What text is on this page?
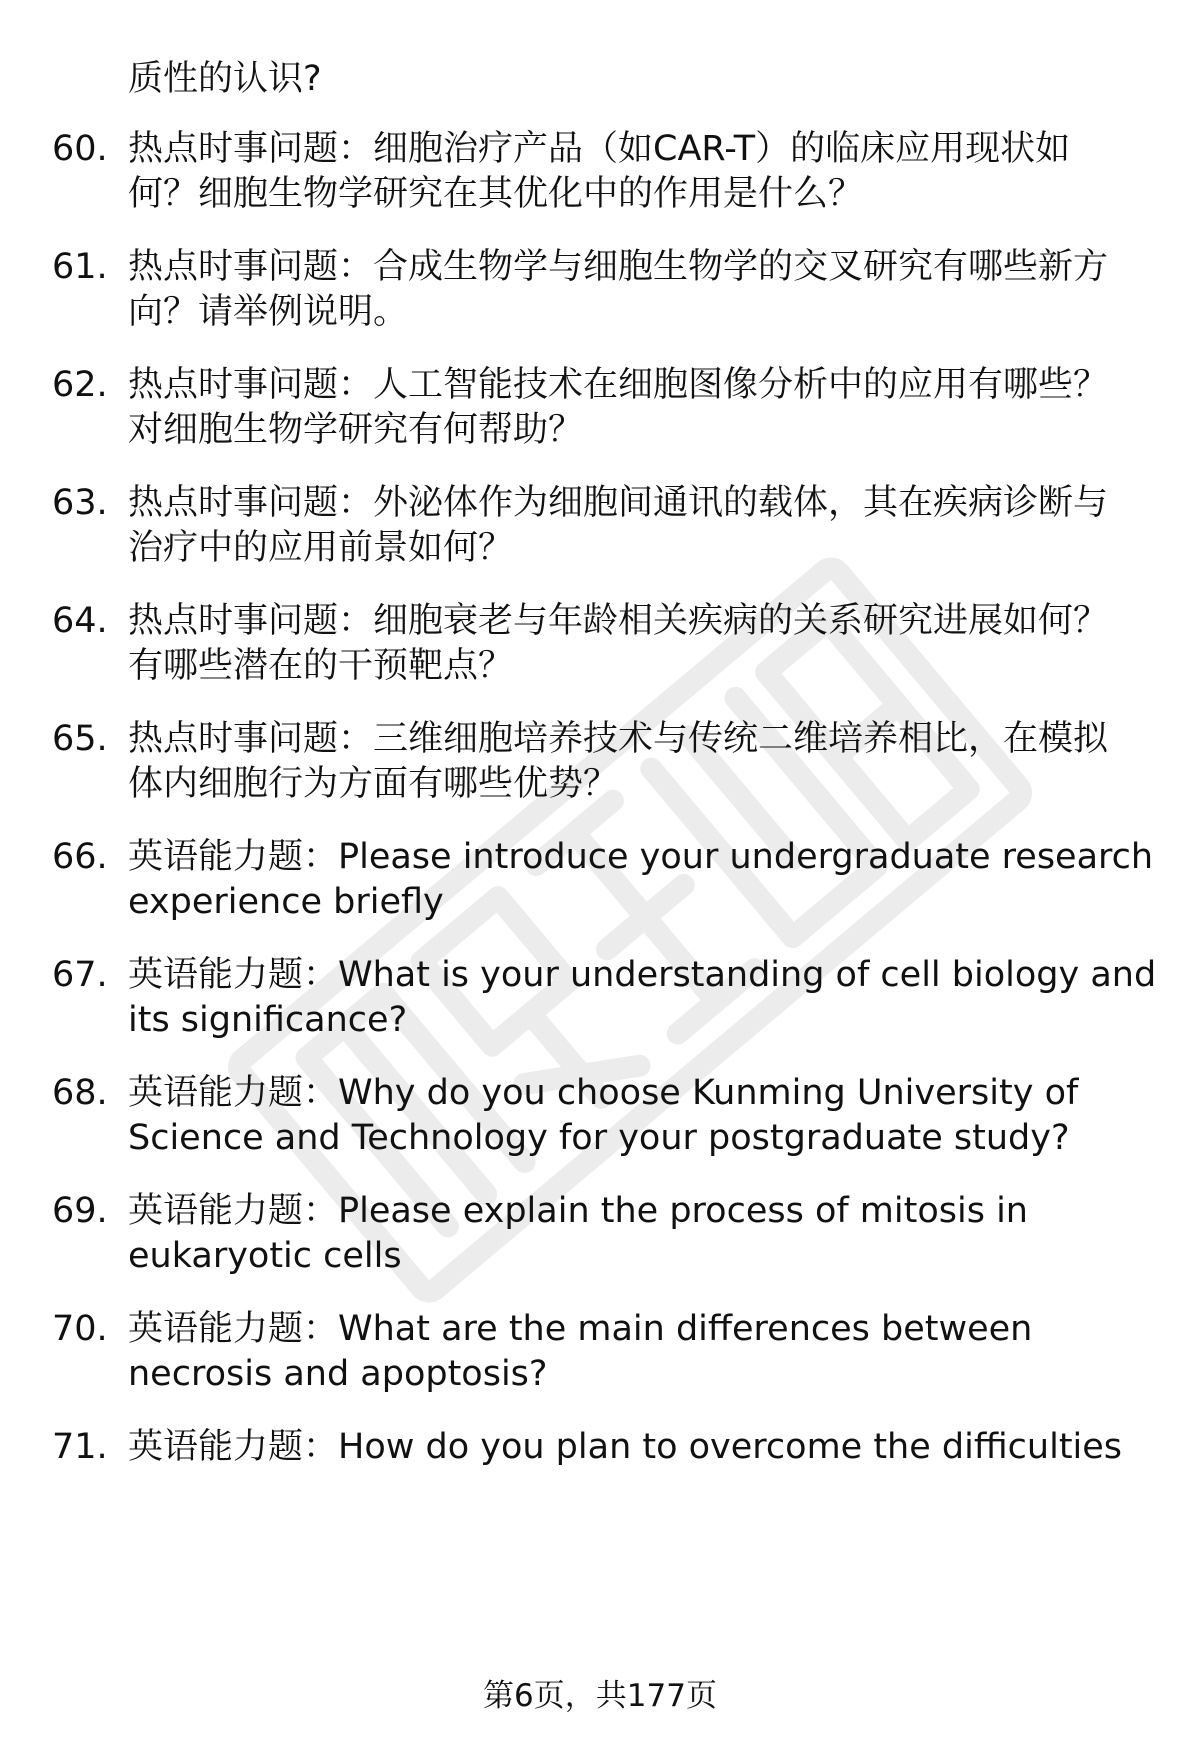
质性的认识?
60. 热点时事问题：细胞治疗产品（如CAR-T）的临床应用现状如
何？细胞生物学研究在其优化中的作用是什么？
61. 热点时事问题：合成生物学与细胞生物学的交叉研究有哪些新方
向？请举例说明。
62. 热点时事问题：人工智能技术在细胞图像分析中的应用有哪些？
对细胞生物学研究有何帮助？
63. 热点时事问题：外泌体作为细胞间通讯的载体，其在疾病诊断与
治疗中的应用前景如何？
64. 热点时事问题：细胞衰老与年龄相关疾病的关系研究进展如何？
有哪些潜在的干预靶点？
65. 热点时事问题：三维细胞培养技术与传统二维培养相比，在模拟
体内细胞行为方面有哪些优势？
66. 英语能力题：Please introduce your undergraduate research
experience briefly
67. 英语能力题：What is your understanding of cell biology and
its significance?
68. 英语能力题：Why do you choose Kunming University of
Science and Technology for your postgraduate study?
69. 英语能力题：Please explain the process of mitosis in
eukaryotic cells
70. 英语能力题：What are the main differences between
necrosis and apoptosis?
71. 英语能力题：How do you plan to overcome the difficulties
第6页，共177页
